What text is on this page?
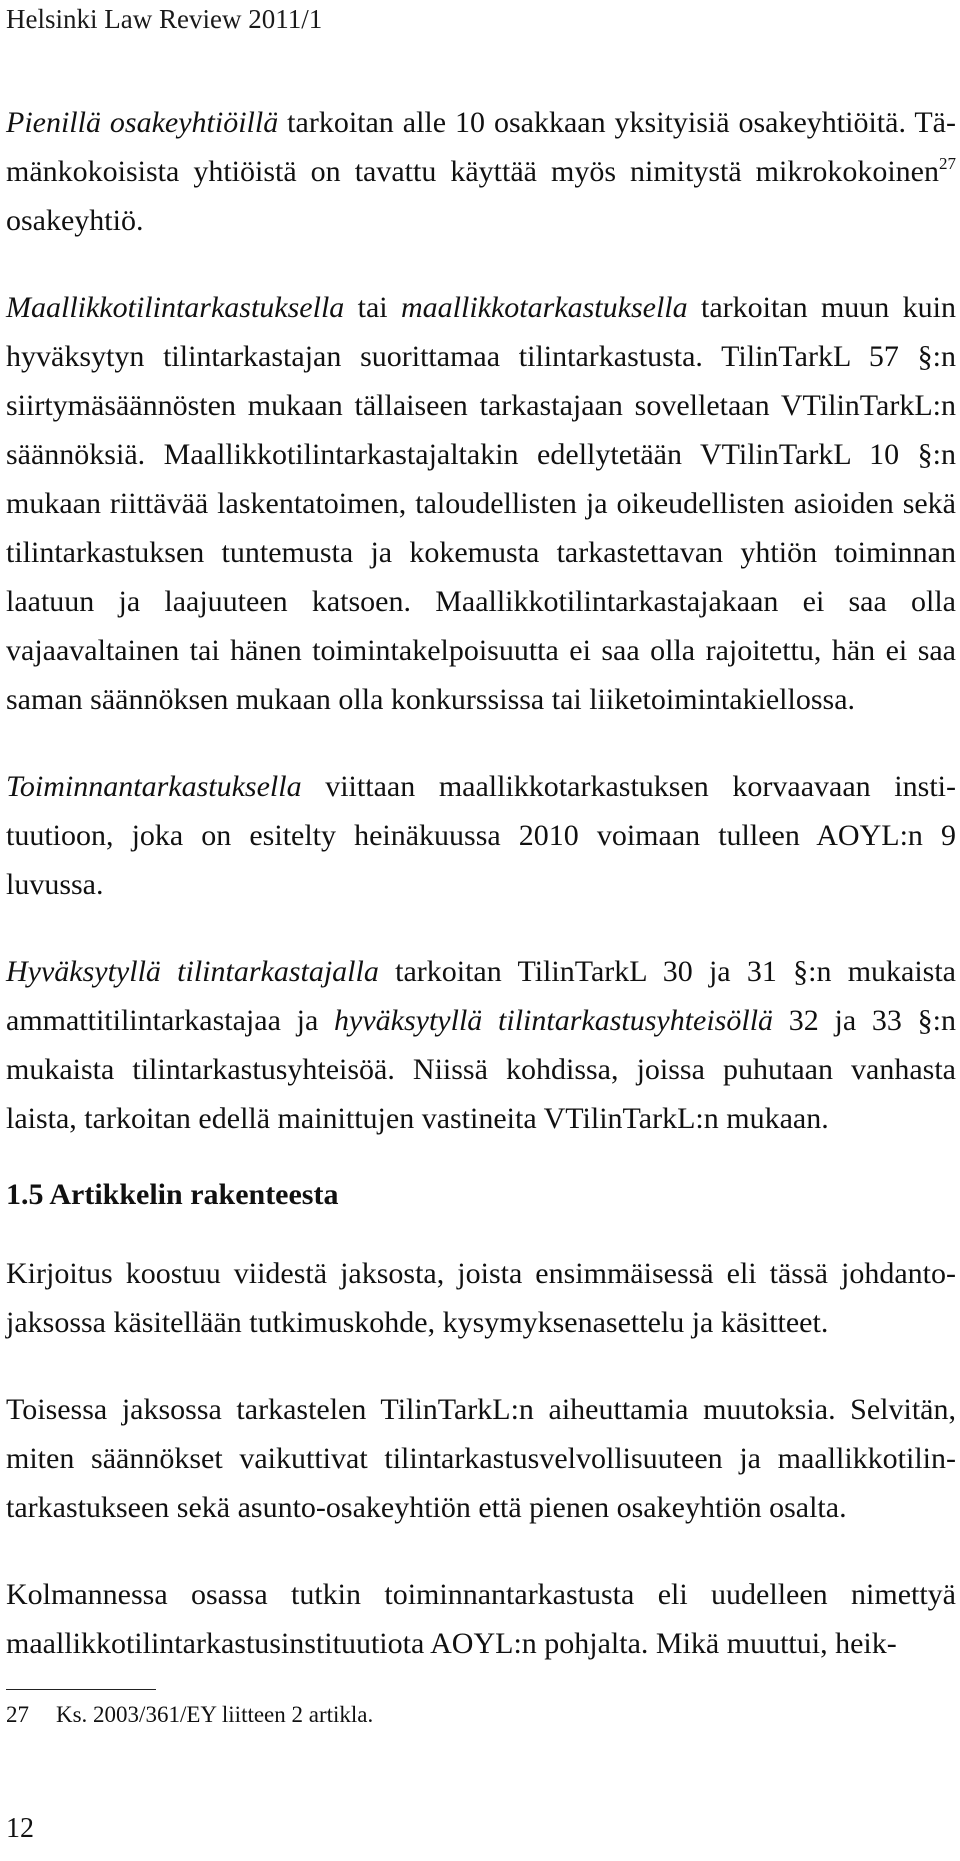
Helsinki Law Review 2011/1

Pienillä osakeyhtiöillä tarkoitan alle 10 osakkaan yksityisiä osakeyhtiöitä. Tämänkokoisista yhtiöistä on tavattu käyttää myös nimitystä mikrokokoinen$^{27}$ osakeyhtiö.

Maallikkotilintarkastuksella tai maallikkotarkastuksella tarkoitan muun kuin hyväksytyn tilintarkastajan suorittamaa tilintarkastusta. TilinTarkL 57 §:n siirtymäsäännösten mukaan tällaiseen tarkastajaan sovelletaan VTilinTarkL:n säännöksiä. Maallikkotilintarkastajaltakin edellytetään VTilinTarkL 10 §:n mukaan riittävää laskentatoimen, taloudellisten ja oikeudellisten asioiden sekä tilintarkastuksen tuntemusta ja kokemusta tarkastettavan yhtiön toiminnan laatuun ja laajuuteen katsoen. Maallikkotilintarkastajakaan ei saa olla vajaavaltainen tai hänen toimintakelpoisuutta ei saa olla rajoitettu, hän ei saa saman säännöksen mukaan olla konkurssissa tai liiketoimintakiellossa.

Toiminnantarkastuksella viittaan maallikkotarkastuksen korvaavaan instituutioon, joka on esitelty heinäkuussa 2010 voimaan tulleen AOYL:n 9 luvussa.

Hyväksytyllä tilintarkastajalla tarkoitan TilinTarkL 30 ja 31 §:n mukaista ammattitilintarkastajaa ja hyväksytyllä tilintarkastusyhteisöllä 32 ja 33 §:n mukaista tilintarkastusyhteisöä. Niissä kohdissa, joissa puhutaan vanhasta laista, tarkoitan edellä mainittujen vastineita VTilinTarkL:n mukaan.

1.5 Artikkelin rakenteesta

Kirjoitus koostuu viidestä jaksosta, joista ensimmäisessä eli tässä johdantojaksossa käsitellään tutkimuskohde, kysymyksenasettelu ja käsitteet.

Toisessa jaksossa tarkastelen TilinTarkL:n aiheuttamia muutoksia. Selvitän, miten säännökset vaikuttivat tilintarkastusvelvollisuuteen ja maallikkotilintarkastukseen sekä asunto-osakeyhtiön että pienen osakeyhtiön osalta.

Kolmannessa osassa tutkin toiminnantarkastusta eli uudelleen nimettyä maallikkotilintarkastusinstituutiota AOYL:n pohjalta. Mikä muuttui, heik-

27 Ks. 2003/361/EY liitteen 2 artikla.
12
